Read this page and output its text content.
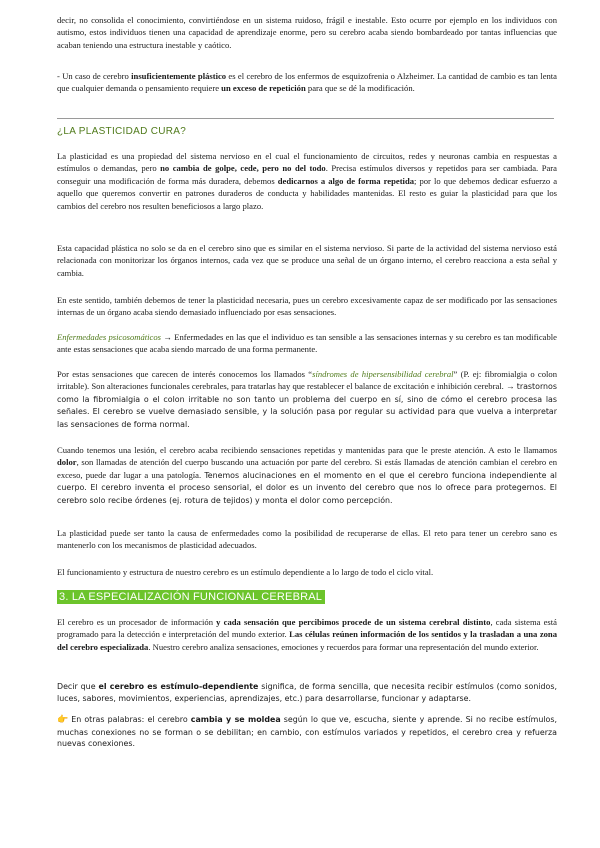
decir, no consolida el conocimiento, convirtiéndose en un sistema ruidoso, frágil e inestable. Esto ocurre por ejemplo en los individuos con autismo, estos individuos tienen una capacidad de aprendizaje enorme, pero su cerebro acaba siendo bombardeado por tantas influencias que acaban teniendo una estructura inestable y caótico.

- Un caso de cerebro insuficientemente plástico es el cerebro de los enfermos de esquizofrenia o Alzheimer. La cantidad de cambio es tan lenta que cualquier demanda o pensamiento requiere un exceso de repetición para que se dé la modificación.

¿LA PLASTICIDAD CURA?

La plasticidad es una propiedad del sistema nervioso en el cual el funcionamiento de circuitos, redes y neuronas cambia en respuestas a estímulos o demandas, pero no cambia de golpe, cede, pero no del todo. Precisa estímulos diversos y repetidos para ser cambiada. Para conseguir una modificación de forma más duradera, debemos dedicarnos a algo de forma repetida; por lo que debemos dedicar esfuerzo a aquello que queremos convertir en patrones duraderos de conducta y habilidades mantenidas. El resto es guiar la plasticidad para que los cambios del cerebro nos resulten beneficiosos a largo plazo.

Esta capacidad plástica no solo se da en el cerebro sino que es similar en el sistema nervioso. Si parte de la actividad del sistema nervioso está relacionada con monitorizar los órganos internos, cada vez que se produce una señal de un órgano interno, el cerebro reacciona a esta señal y cambia.

En este sentido, también debemos de tener la plasticidad necesaria, pues un cerebro excesivamente capaz de ser modificado por las sensaciones internas de un órgano acaba siendo demasiado influenciado por esas sensaciones.

Enfermedades psicosomáticos → Enfermedades en las que el individuo es tan sensible a las sensaciones internas y su cerebro es tan modificable ante estas sensaciones que acaba siendo marcado de una forma permanente.

Por estas sensaciones que carecen de interés conocemos los llamados “síndromes de hipersensibilidad cerebral” (P. ej: fibromialgia o colon irritable). Son alteraciones funcionales cerebrales, para tratarlas hay que restablecer el balance de excitación e inhibición cerebral. → trastornos como la fibromialgia o el colon irritable no son tanto un problema del cuerpo en sí, sino de cómo el cerebro procesa las señales. El cerebro se vuelve demasiado sensible, y la solución pasa por regular su actividad para que vuelva a interpretar las sensaciones de forma normal.

Cuando tenemos una lesión, el cerebro acaba recibiendo sensaciones repetidas y mantenidas para que le preste atención. A esto le llamamos dolor, son llamadas de atención del cuerpo buscando una actuación por parte del cerebro. Si estás llamadas de atención cambian el cerebro en exceso, puede dar lugar a una patología. Tenemos alucinaciones en el momento en el que el cerebro funciona independiente al cuerpo. El cerebro inventa el proceso sensorial, el dolor es un invento del cerebro que nos lo ofrece para protegernos. El cerebro solo recibe órdenes (ej. rotura de tejidos) y monta el dolor como percepción.

La plasticidad puede ser tanto la causa de enfermedades como la posibilidad de recuperarse de ellas. El reto para tener un cerebro sano es mantenerlo con los mecanismos de plasticidad adecuados.

El funcionamiento y estructura de nuestro cerebro es un estímulo dependiente a lo largo de todo el ciclo vital.

3. LA ESPECIALIZACIÓN FUNCIONAL CEREBRAL

El cerebro es un procesador de información y cada sensación que percibimos procede de un sistema cerebral distinto, cada sistema está programado para la detección e interpretación del mundo exterior. Las células reúnen información de los sentidos y la trasladan a una zona del cerebro especializada. Nuestro cerebro analiza sensaciones, emociones y recuerdos para formar una representación del mundo exterior.

Decir que el cerebro es estímulo-dependiente significa, de forma sencilla, que necesita recibir estímulos (como sonidos, luces, sabores, movimientos, experiencias, aprendizajes, etc.) para desarrollarse, funcionar y adaptarse.

👉 En otras palabras: el cerebro cambia y se moldea según lo que ve, escucha, siente y aprende. Si no recibe estímulos, muchas conexiones no se forman o se debilitan; en cambio, con estímulos variados y repetidos, el cerebro crea y refuerza nuevas conexiones.
